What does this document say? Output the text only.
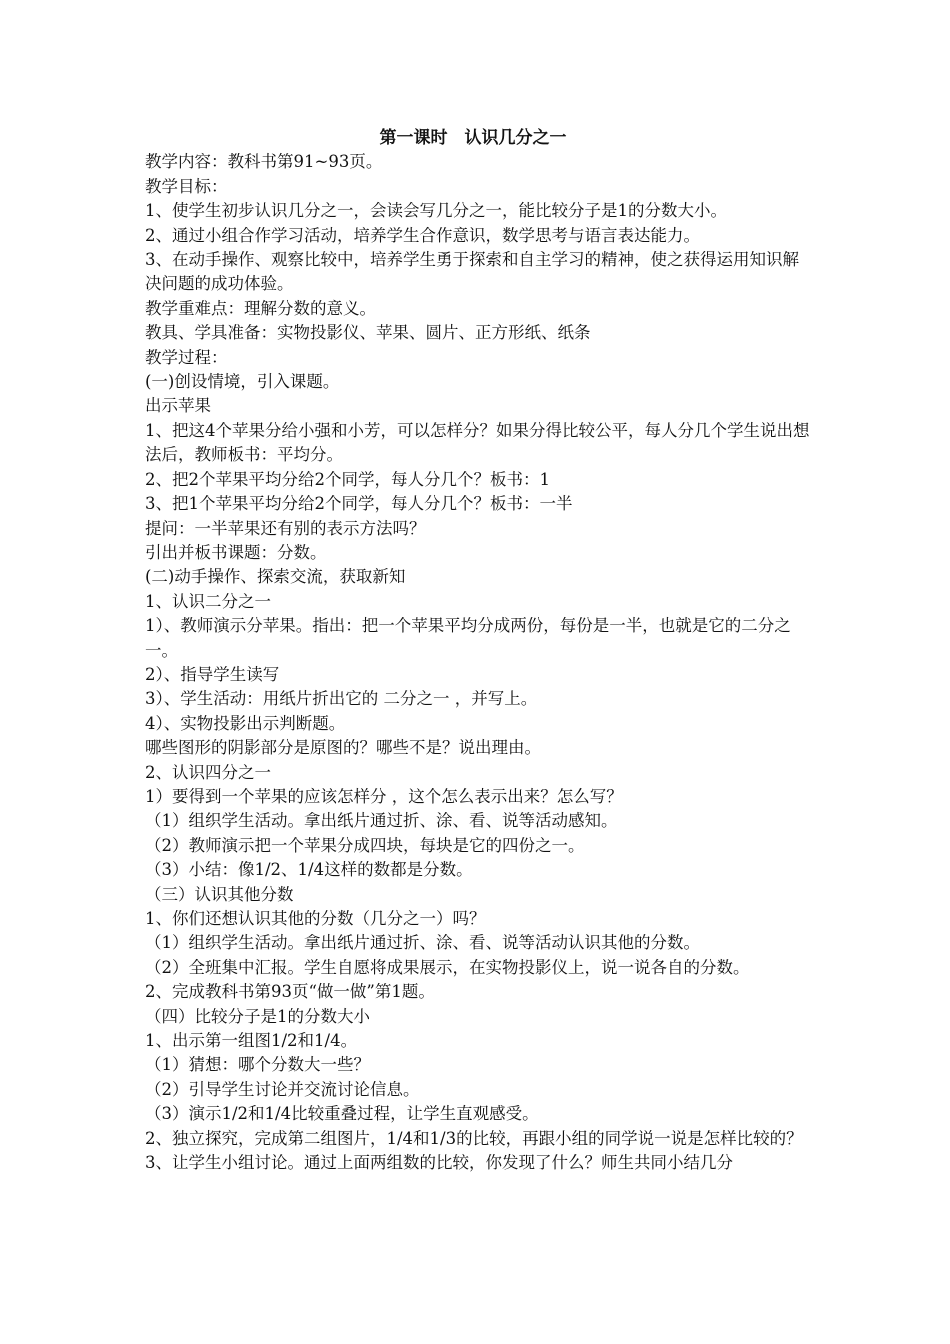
第一课时　认识几分之一

教学内容：教科书第91~93页。

教学目标：

1、使学生初步认识几分之一，会读会写几分之一，能比较分子是1的分数大小。

2、通过小组合作学习活动，培养学生合作意识，数学思考与语言表达能力。

3、在动手操作、观察比较中，培养学生勇于探索和自主学习的精神，使之获得运用知识解决问题的成功体验。

教学重难点：理解分数的意义。

教具、学具准备：实物投影仪、苹果、圆片、正方形纸、纸条

教学过程：

(一)创设情境，引入课题。

出示苹果

1、把这4个苹果分给小强和小芳，可以怎样分？如果分得比较公平，每人分几个学生说出想法后，教师板书：平均分。

2、把2个苹果平均分给2个同学，每人分几个？板书：1

3、把1个苹果平均分给2个同学，每人分几个？板书：一半

提问：一半苹果还有别的表示方法吗？

引出并板书课题：分数。

(二)动手操作、探索交流，获取新知

1、认识二分之一

1）、教师演示分苹果。指出：把一个苹果平均分成两份，每份是一半，也就是它的二分之一。

2）、指导学生读写

3）、学生活动：用纸片折出它的 二分之一 ，并写上。

4）、实物投影出示判断题。

哪些图形的阴影部分是原图的？哪些不是？说出理由。

2、认识四分之一

1）要得到一个苹果的应该怎样分 ，这个怎么表示出来？怎么写？

（1）组织学生活动。拿出纸片通过折、涂、看、说等活动感知。

（2）教师演示把一个苹果分成四块，每块是它的四份之一。

（3）小结：像1/2、1/4这样的数都是分数。

（三）认识其他分数

1、你们还想认识其他的分数（几分之一）吗？

（1）组织学生活动。拿出纸片通过折、涂、看、说等活动认识其他的分数。

（2）全班集中汇报。学生自愿将成果展示，在实物投影仪上，说一说各自的分数。

2、完成教科书第93页“做一做”第1题。

（四）比较分子是1的分数大小

1、出示第一组图1/2和1/4。

（1）猜想：哪个分数大一些？

（2）引导学生讨论并交流讨论信息。

（3）演示1/2和1/4比较重叠过程，让学生直观感受。

2、独立探究，完成第二组图片，1/4和1/3的比较，再跟小组的同学说一说是怎样比较的？

3、让学生小组讨论。通过上面两组数的比较，你发现了什么？师生共同小结几分
